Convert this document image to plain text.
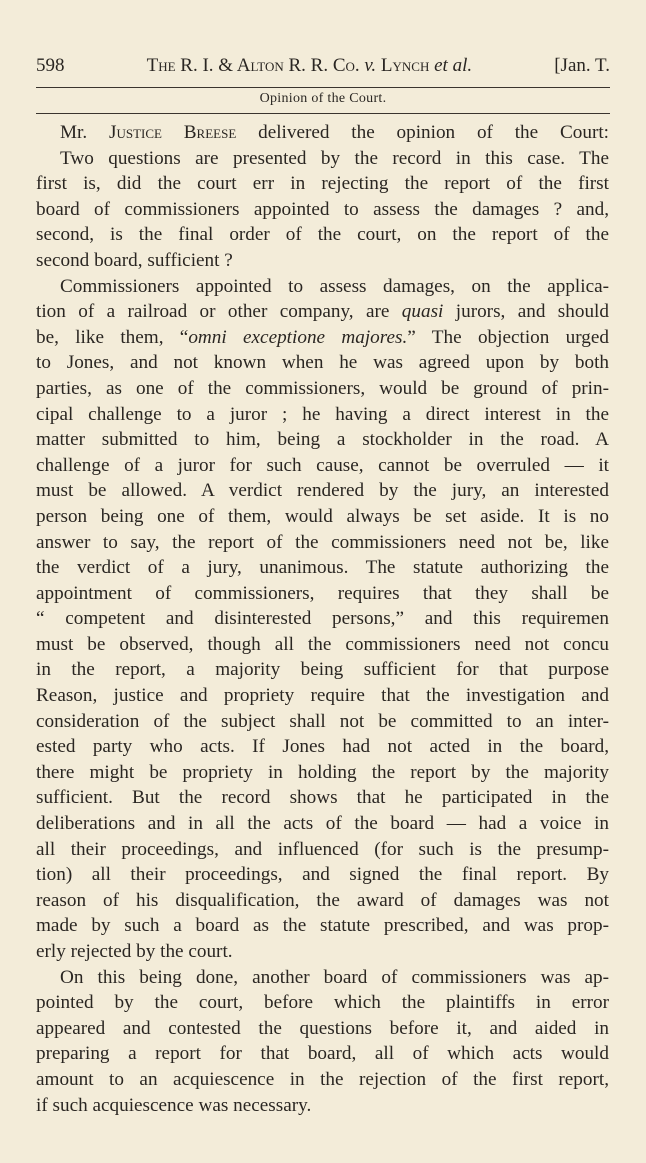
598	The R. I. & Alton R. R. Co. v. Lynch et al.	[Jan. T.
Opinion of the Court.
Mr. Justice Breese delivered the opinion of the Court:
Two questions are presented by the record in this case. The
first is, did the court err in rejecting the report of the first
board of commissioners appointed to assess the damages ? and,
second, is the final order of the court, on the report of the
second board, sufficient ?
Commissioners appointed to assess damages, on the applica-
tion of a railroad or other company, are quasi jurors, and should
be, like them, “omni exceptione majores.” The objection urged
to Jones, and not known when he was agreed upon by both
parties, as one of the commissioners, would be ground of prin-
cipal challenge to a juror ; he having a direct interest in the
matter submitted to him, being a stockholder in the road. A
challenge of a juror for such cause, cannot be overruled — it
must be allowed. A verdict rendered by the jury, an interested
person being one of them, would always be set aside. It is no
answer to say, the report of the commissioners need not be, like
the verdict of a jury, unanimous. The statute authorizing the
appointment of commissioners, requires that they shall be
“ competent and disinterested persons,” and this requiremen
must be observed, though all the commissioners need not concu
in the report, a majority being sufficient for that purpose
Reason, justice and propriety require that the investigation and
consideration of the subject shall not be committed to an inter-
ested party who acts. If Jones had not acted in the board,
there might be propriety in holding the report by the majority
sufficient. But the record shows that he participated in the
deliberations and in all the acts of the board — had a voice in
all their proceedings, and influenced (for such is the presump-
tion) all their proceedings, and signed the final report. By
reason of his disqualification, the award of damages was not
made by such a board as the statute prescribed, and was prop-
erly rejected by the court.
On this being done, another board of commissioners was ap-
pointed by the court, before which the plaintiffs in error
appeared and contested the questions before it, and aided in
preparing a report for that board, all of which acts would
amount to an acquiescence in the rejection of the first report,
if such acquiescence was necessary.
